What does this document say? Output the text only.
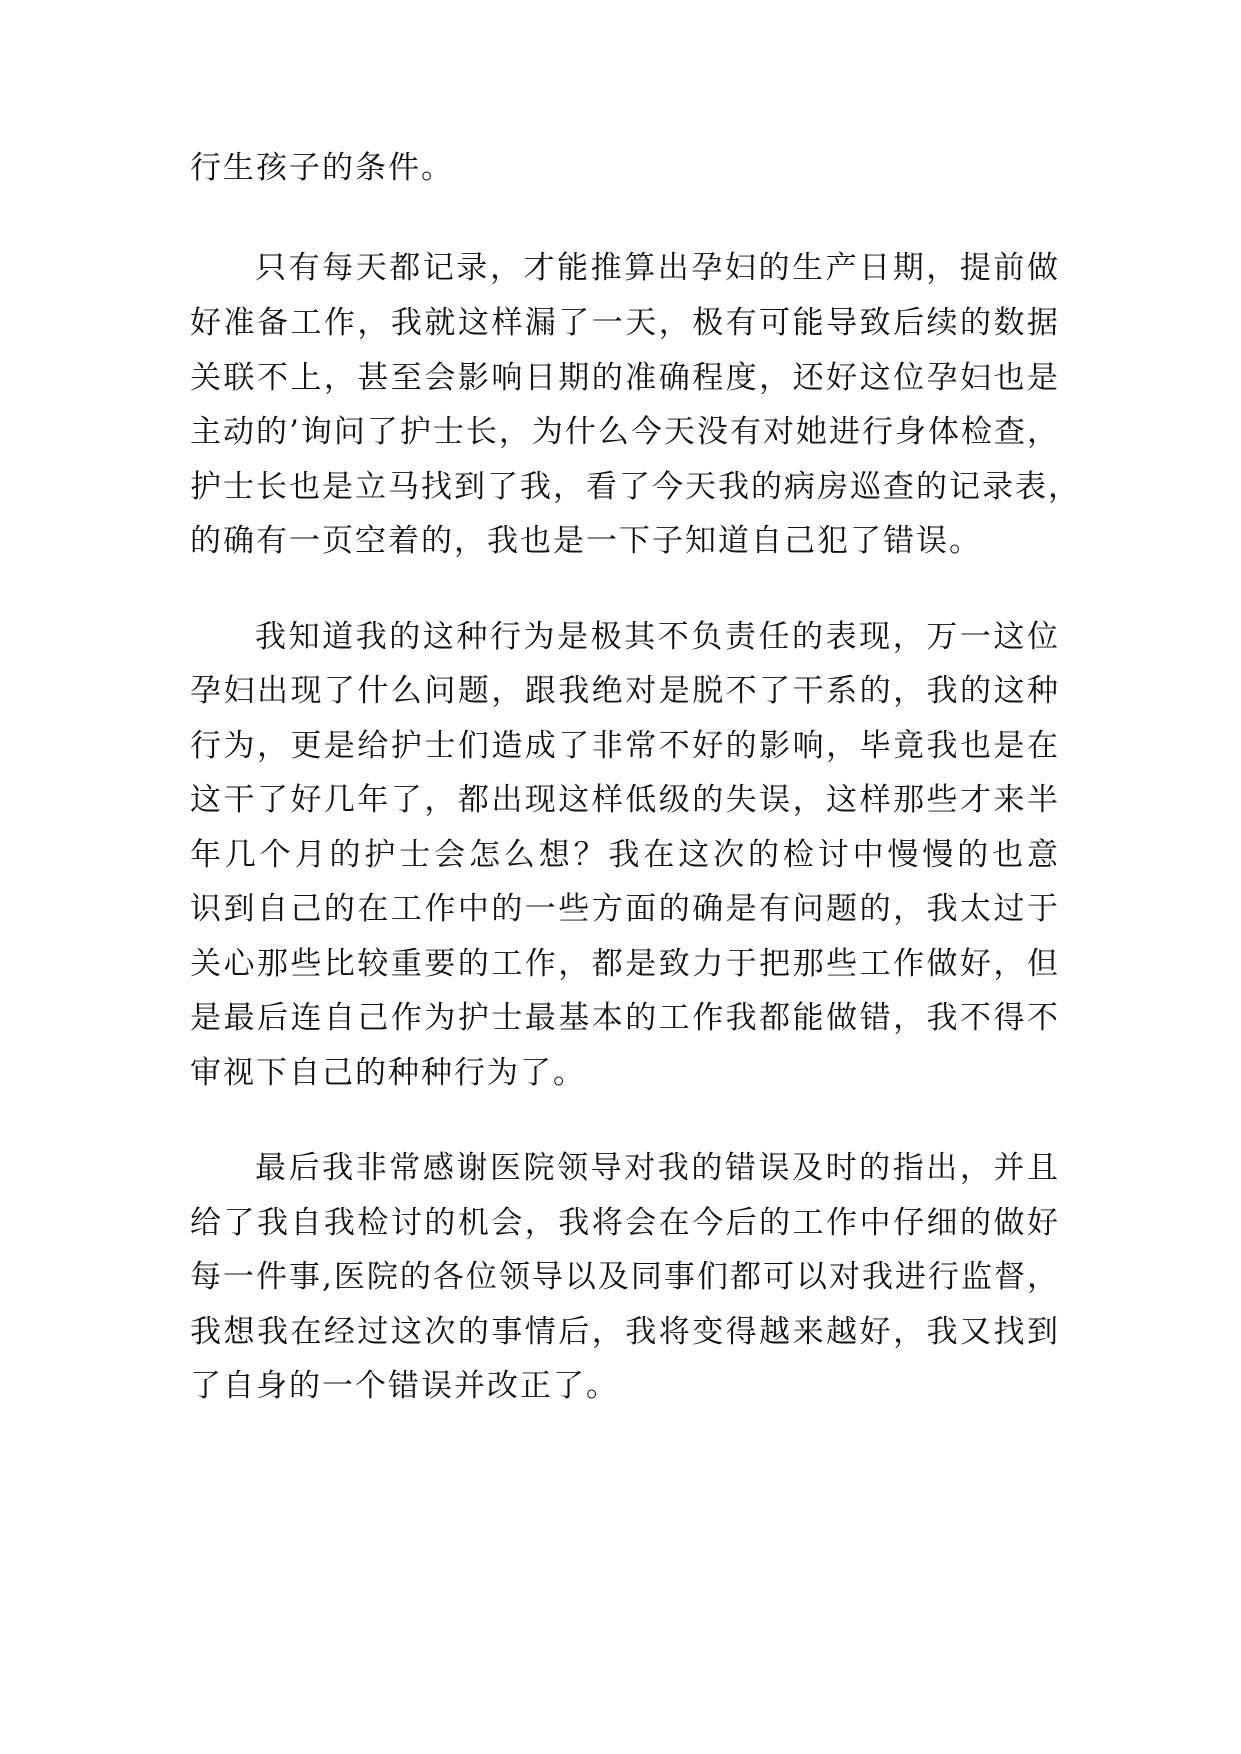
行生孩子的条件。
只有每天都记录，才能推算出孕妇的生产日期，提前做
好准备工作，我就这样漏了一天，极有可能导致后续的数据
关联不上，甚至会影响日期的准确程度，还好这位孕妇也是
主动的’询问了护士长，为什么今天没有对她进行身体检查，
护士长也是立马找到了我，看了今天我的病房巡查的记录表，
的确有一页空着的，我也是一下子知道自己犯了错误。
我知道我的这种行为是极其不负责任的表现，万一这位
孕妇出现了什么问题，跟我绝对是脱不了干系的，我的这种
行为，更是给护士们造成了非常不好的影响，毕竟我也是在
这干了好几年了，都出现这样低级的失误，这样那些才来半
年几个月的护士会怎么想？我在这次的检讨中慢慢的也意
识到自己的在工作中的一些方面的确是有问题的，我太过于
关心那些比较重要的工作，都是致力于把那些工作做好，但
是最后连自己作为护士最基本的工作我都能做错，我不得不
审视下自己的种种行为了。
最后我非常感谢医院领导对我的错误及时的指出，并且
给了我自我检讨的机会，我将会在今后的工作中仔细的做好
每一件事,医院的各位领导以及同事们都可以对我进行监督，
我想我在经过这次的事情后，我将变得越来越好，我又找到
了自身的一个错误并改正了。
